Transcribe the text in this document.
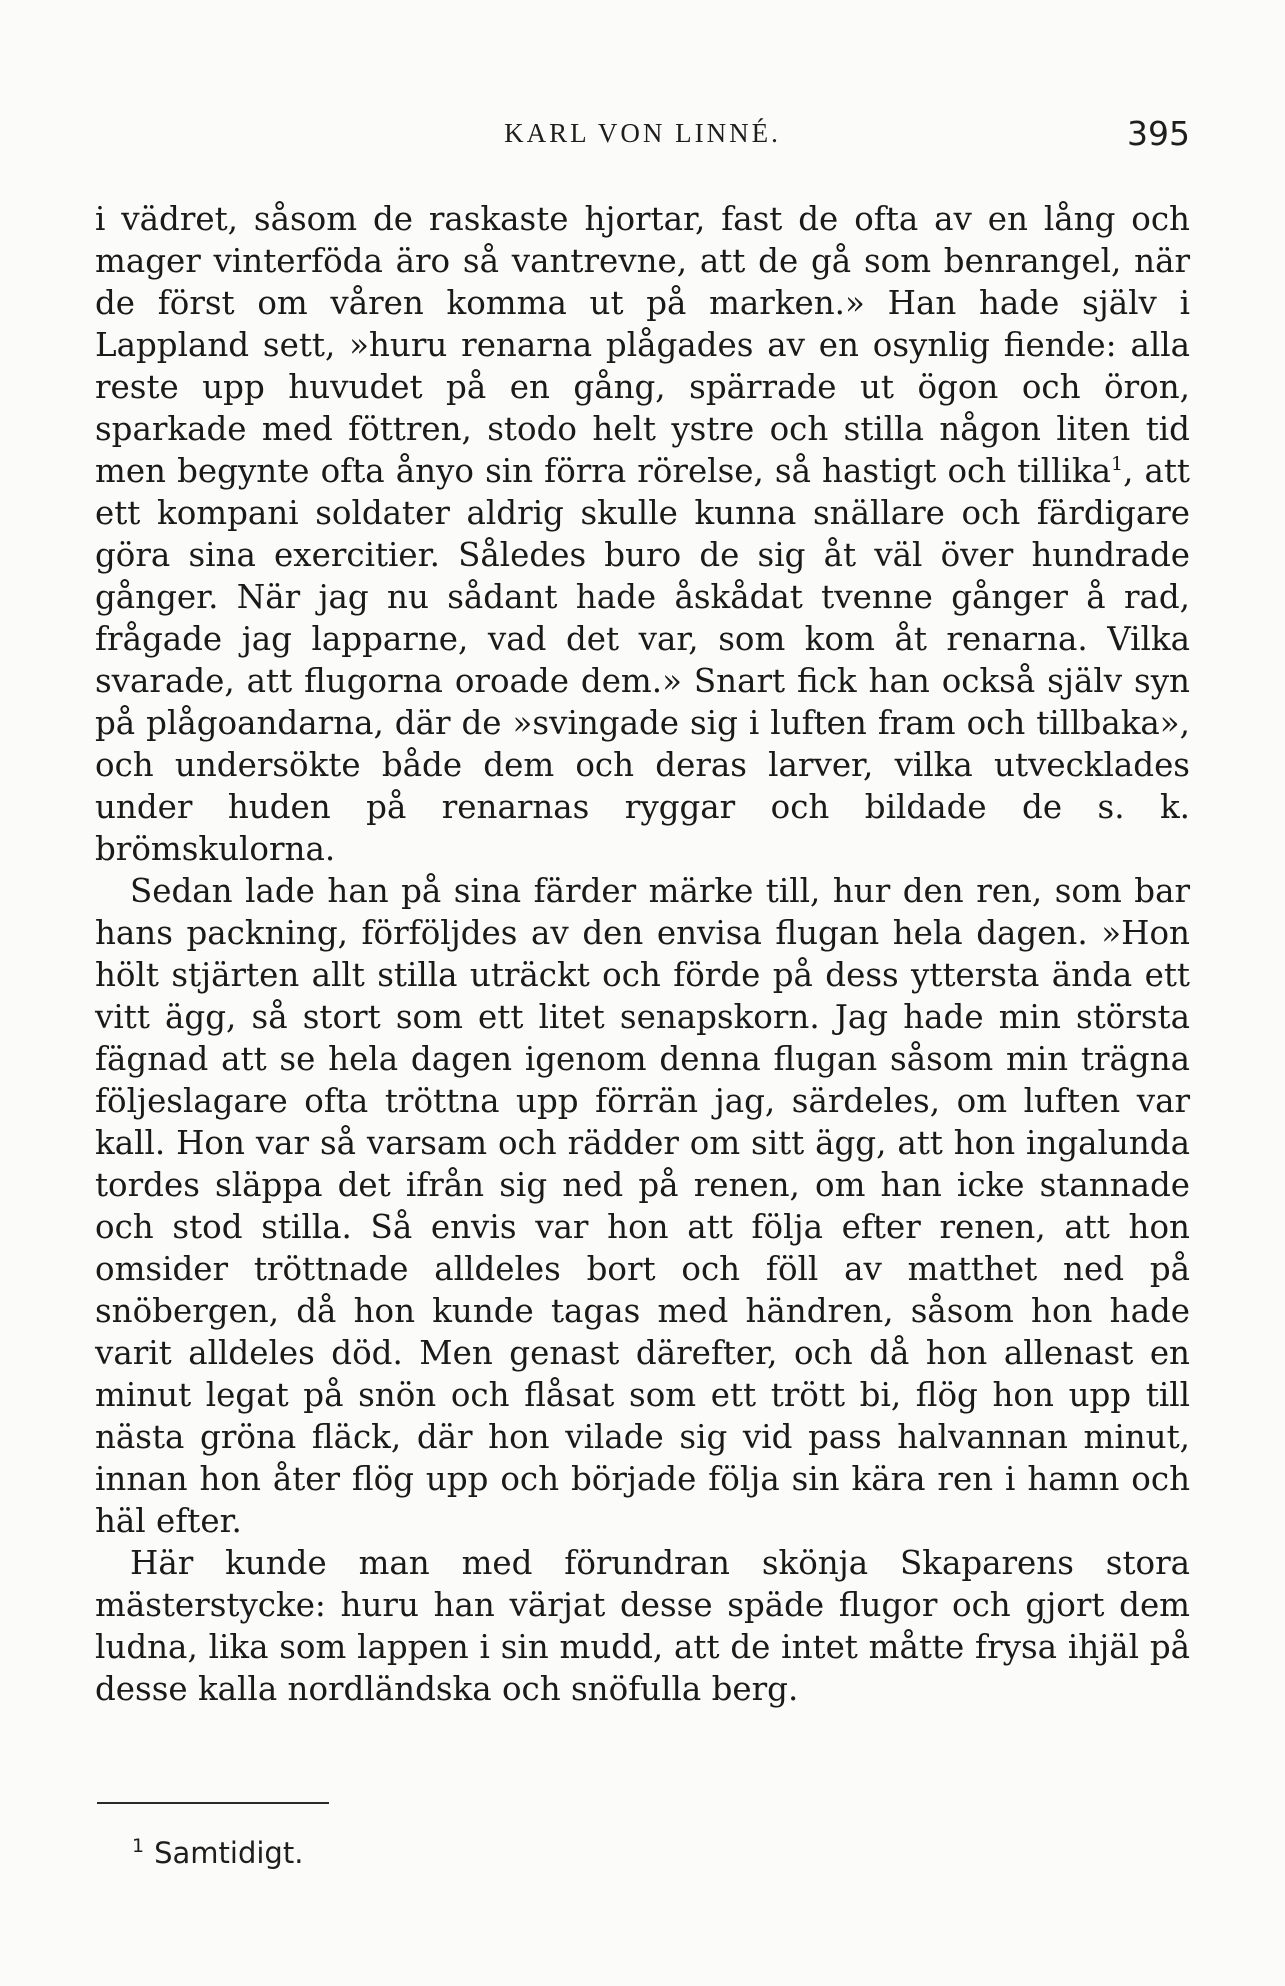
KARL VON LINNÉ.	395

i vädret, såsom de raskaste hjortar, fast de ofta av en lång och mager vinterföda äro så vantrevne, att de gå som benrangel, när de först om våren komma ut på marken.» Han hade själv i Lappland sett, »huru renarna plågades av en osynlig fiende: alla reste upp huvudet på en gång, spärrade ut ögon och öron, sparkade med föttren, stodo helt ystre och stilla någon liten tid men begynte ofta ånyo sin förra rörelse, så hastigt och tillika$^1$, att ett kompani soldater aldrig skulle kunna snällare och färdigare göra sina exercitier. Således buro de sig åt väl över hundrade gånger. När jag nu sådant hade åskådat tvenne gånger å rad, frågade jag lapparne, vad det var, som kom åt renarna. Vilka svarade, att flugorna oroade dem.» Snart fick han också själv syn på plågoandarna, där de »svingade sig i luften fram och tillbaka», och undersökte både dem och deras larver, vilka utvecklades under huden på renarnas ryggar och bildade de s. k. brömskulorna.

Sedan lade han på sina färder märke till, hur den ren, som bar hans packning, förföljdes av den envisa flugan hela dagen. »Hon hölt stjärten allt stilla uträckt och förde på dess yttersta ända ett vitt ägg, så stort som ett litet senapskorn. Jag hade min största fägnad att se hela dagen igenom denna flugan såsom min trägna följeslagare ofta tröttna upp förrän jag, särdeles, om luften var kall. Hon var så varsam och rädder om sitt ägg, att hon ingalunda tordes släppa det ifrån sig ned på renen, om han icke stannade och stod stilla. Så envis var hon att följa efter renen, att hon omsider tröttnade alldeles bort och föll av matthet ned på snöbergen, då hon kunde tagas med händren, såsom hon hade varit alldeles död. Men genast därefter, och då hon allenast en minut legat på snön och flåsat som ett trött bi, flög hon upp till nästa gröna fläck, där hon vilade sig vid pass halvannan minut, innan hon åter flög upp och började följa sin kära ren i hamn och häl efter.

Här kunde man med förundran skönja Skaparens stora mästerstycke: huru han värjat desse späde flugor och gjort dem ludna, lika som lappen i sin mudd, att de intet måtte frysa ihjäl på desse kalla nordländska och snöfulla berg.

$^1$ Samtidigt.
